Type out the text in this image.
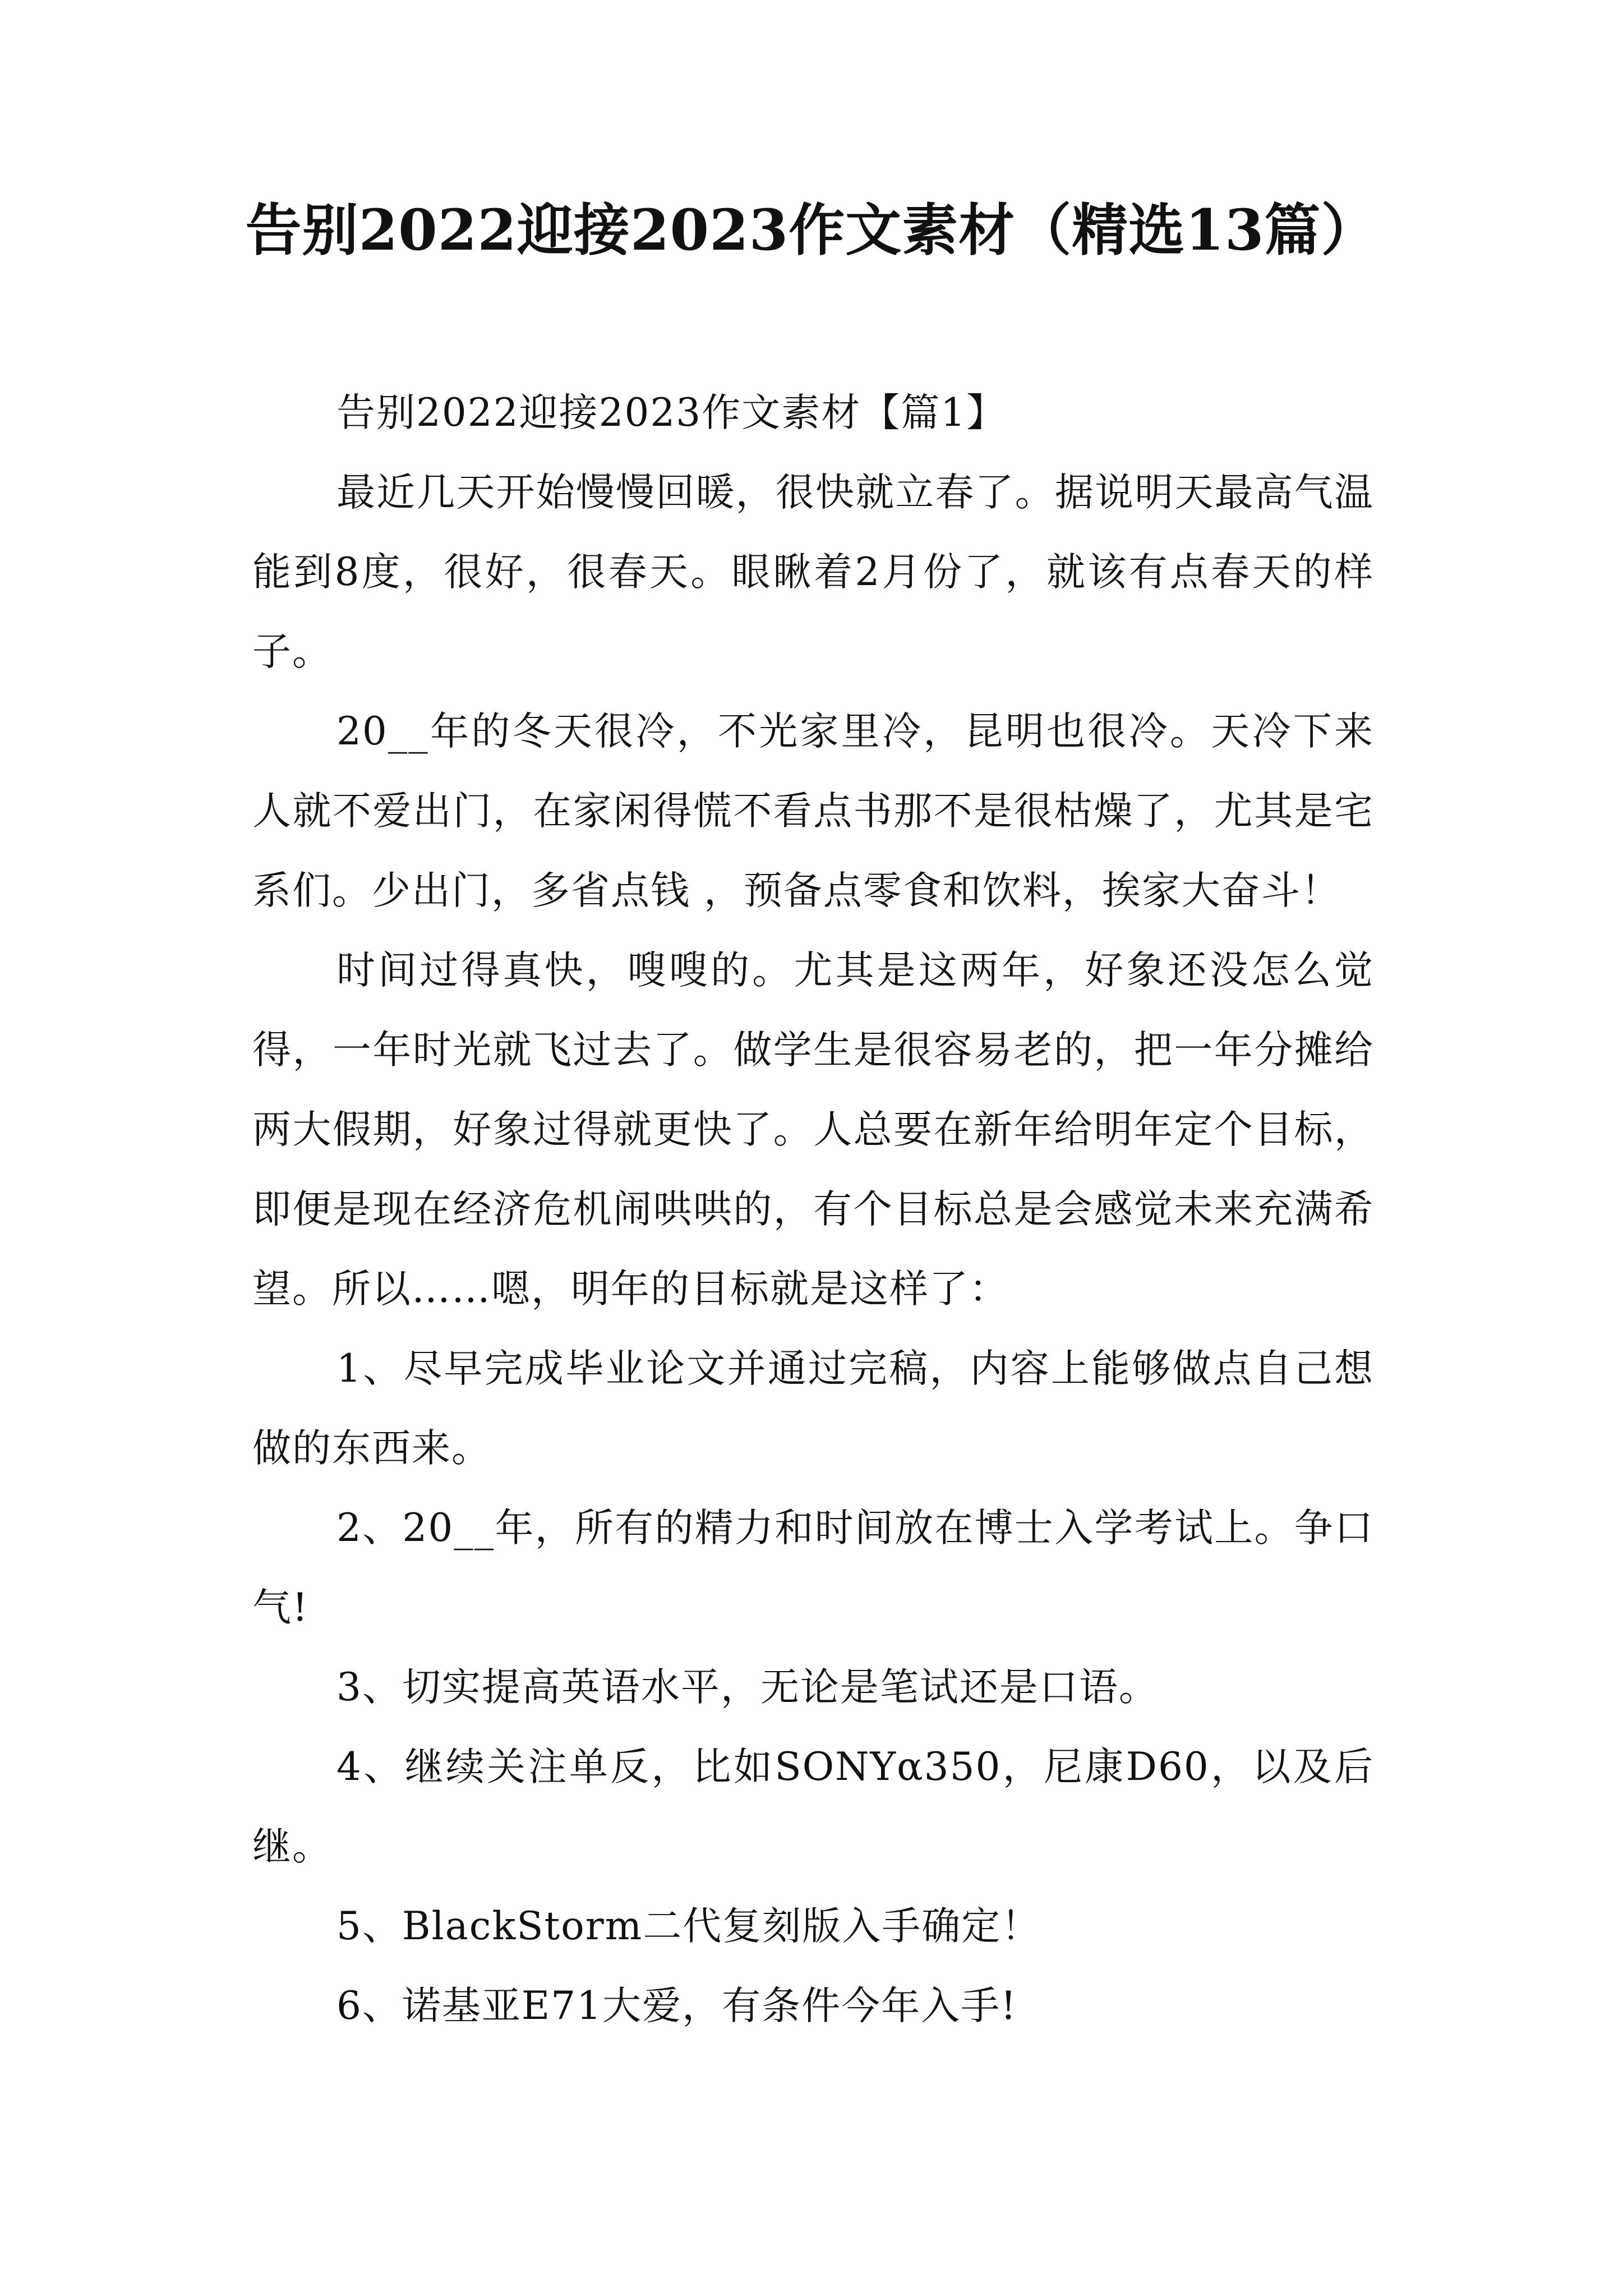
告别2022迎接2023作文素材（精选13篇）

告别2022迎接2023作文素材【篇1】

最近几天开始慢慢回暖，很快就立春了。据说明天最高气温能到8度，很好，很春天。眼瞅着2月份了，就该有点春天的样子。

20__年的冬天很冷，不光家里冷，昆明也很冷。天冷下来人就不爱出门，在家闲得慌不看点书那不是很枯燥了，尤其是宅系们。少出门，多省点钱 ，预备点零食和饮料，挨家大奋斗！

时间过得真快，嗖嗖的。尤其是这两年，好象还没怎么觉得，一年时光就飞过去了。做学生是很容易老的，把一年分摊给两大假期，好象过得就更快了。人总要在新年给明年定个目标，即便是现在经济危机闹哄哄的，有个目标总是会感觉未来充满希望。所以……嗯，明年的目标就是这样了：

1、尽早完成毕业论文并通过完稿，内容上能够做点自己想做的东西来。

2、20__年，所有的精力和时间放在博士入学考试上。争口气!

3、切实提高英语水平，无论是笔试还是口语。

4、继续关注单反，比如SONYα350，尼康D60，以及后继。

5、BlackStorm二代复刻版入手确定！

6、诺基亚E71大爱，有条件今年入手!
